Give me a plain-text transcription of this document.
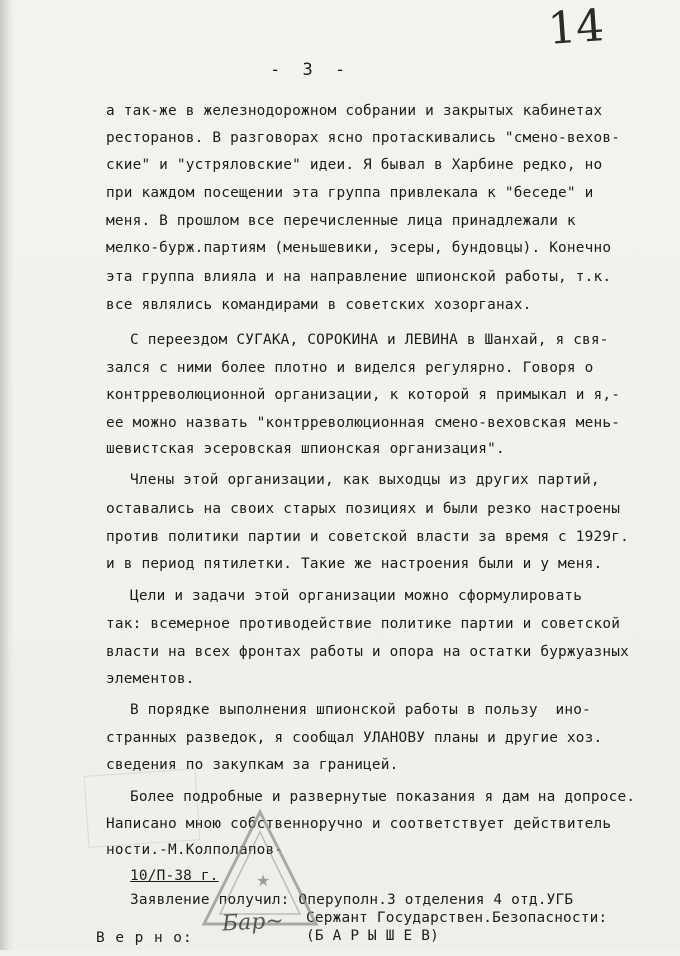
14
- 3 -
а так-же в железнодорожном собрании и закрытых кабинетах
ресторанов. В разговорах ясно протаскивались "смено-вехов-
ские" и "устряловские" идеи. Я бывал в Харбине редко, но
при каждом посещении эта группа привлекала к "беседе" и
меня. В прошлом все перечисленные лица принадлежали к
мелко-бурж.партиям (меньшевики, эсеры, бундовцы). Конечно
эта группа влияла и на направление шпионской работы, т.к.
все являлись командирами в советских хозорганах.
С переездом СУГАКА, СОРОКИНА и ЛЕВИНА в Шанхай, я свя-
зался с ними более плотно и виделся регулярно. Говоря о
контрреволюционной организации, к которой я примыкал и я,-
ее можно назвать "контрреволюционная смено-веховская мень-
шевистская эсеровская шпионская организация".
Члены этой организации, как выходцы из других партий,
оставались на своих старых позициях и были резко настроены
против политики партии и советской власти за время с 1929г.
и в период пятилетки. Такие же настроения были и у меня.
Цели и задачи этой организации можно сформулировать
так: всемерное противодействие политике партии и советской
власти на всех фронтах работы и опора на остатки буржуазных
элементов.
В порядке выполнения шпионской работы в пользу  ино-
странных разведок, я сообщал УЛАНОВУ планы и другие хоз.
сведения по закупкам за границей.
Более подробные и развернутые показания я дам на допросе.
Написано мною собственноручно и соответствует действитель
ности.-М.Колполапов-
10/П-38 г.
Заявление получил: Оперуполн.3 отделения 4 отд.УГБ
Сержант Государствен.Безопасности:
В е р н о:	(Б А Р Ы Ш Е В)
★
Бар~
